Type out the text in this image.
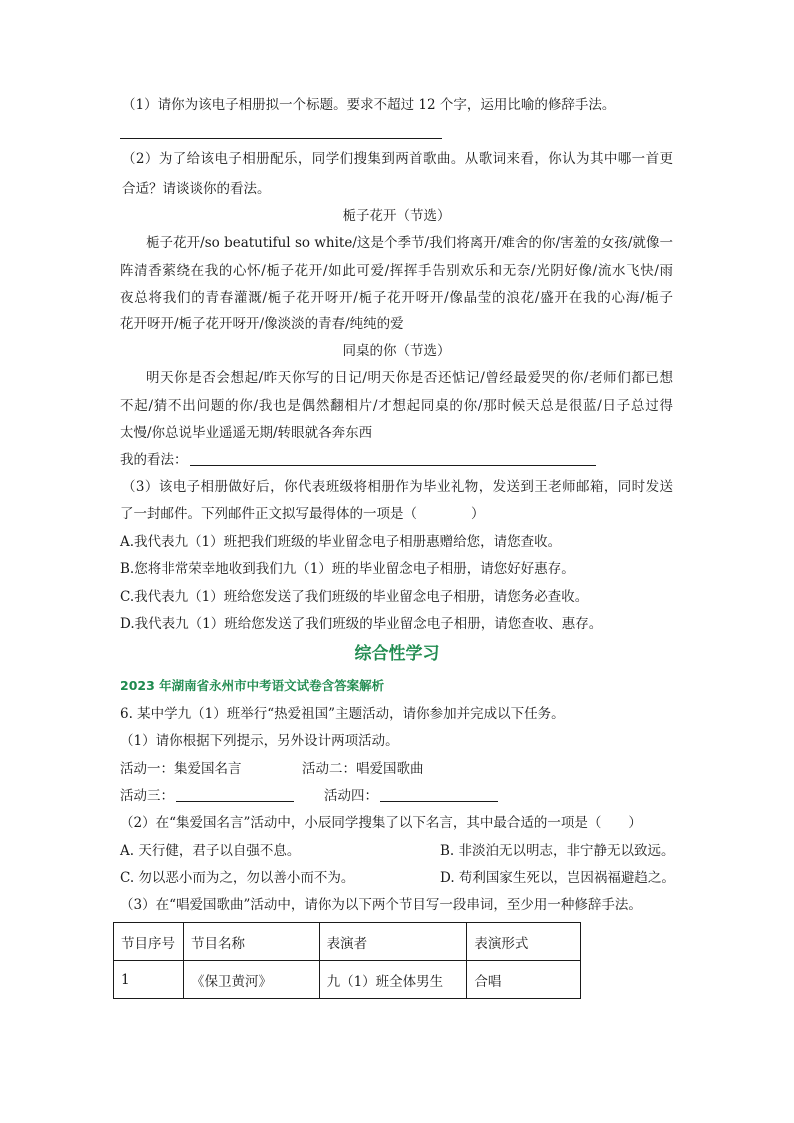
（1）请你为该电子相册拟一个标题。要求不超过 12 个字，运用比喻的修辞手法。
（2）为了给该电子相册配乐，同学们搜集到两首歌曲。从歌词来看，你认为其中哪一首更
合适？请谈谈你的看法。
栀子花开（节选）
栀子花开/so beatutiful so white/这是个季节/我们将离开/难舍的你/害羞的女孩/就像一
阵清香萦绕在我的心怀/栀子花开/如此可爱/挥挥手告别欢乐和无奈/光阴好像/流水飞快/雨
夜总将我们的青春灌溉/栀子花开呀开/栀子花开呀开/像晶莹的浪花/盛开在我的心海/栀子
花开呀开/栀子花开呀开/像淡淡的青春/纯纯的爱
同桌的你（节选）
明天你是否会想起/昨天你写的日记/明天你是否还惦记/曾经最爱哭的你/老师们都已想
不起/猜不出问题的你/我也是偶然翻相片/才想起同桌的你/那时候天总是很蓝/日子总过得
太慢/你总说毕业遥遥无期/转眼就各奔东西
我的看法：
（3）该电子相册做好后，你代表班级将相册作为毕业礼物，发送到王老师邮箱，同时发送
了一封邮件。下列邮件正文拟写最得体的一项是（　　　　）
A.我代表九（1）班把我们班级的毕业留念电子相册惠赠给您，请您查收。
B.您将非常荣幸地收到我们九（1）班的毕业留念电子相册，请您好好惠存。
C.我代表九（1）班给您发送了我们班级的毕业留念电子相册，请您务必查收。
D.我代表九（1）班给您发送了我们班级的毕业留念电子相册，请您查收、惠存。
综合性学习
2023 年湖南省永州市中考语文试卷含答案解析
6. 某中学九（1）班举行“热爱祖国”主题活动，请你参加并完成以下任务。
（1）请你根据下列提示，另外设计两项活动。
活动一：集爱国名言	活动二：唱爱国歌曲
活动三：	活动四：
（2）在“集爱国名言”活动中，小辰同学搜集了以下名言，其中最合适的一项是（　　）
A. 天行健，君子以自强不息。	B. 非淡泊无以明志，非宁静无以致远。
C. 勿以恶小而为之，勿以善小而不为。	D. 苟利国家生死以，岂因祸福避趋之。
（3）在“唱爱国歌曲”活动中，请你为以下两个节目写一段串词，至少用一种修辞手法。
节目序号	节目名称	表演者	表演形式
1	《保卫黄河》	九（1）班全体男生	合唱
